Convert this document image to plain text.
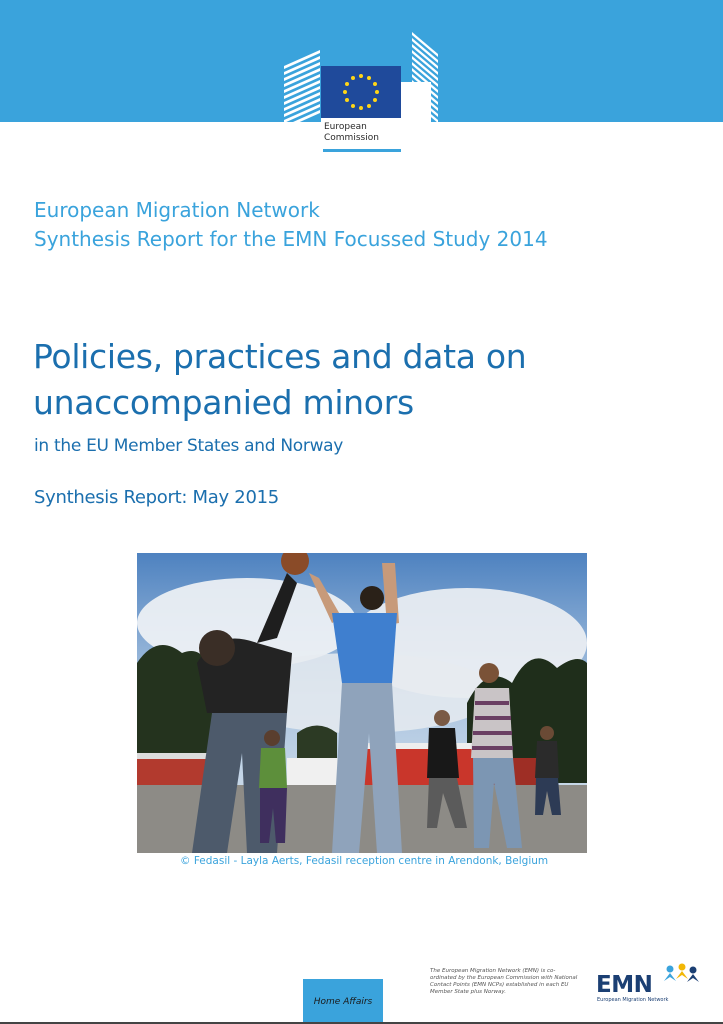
European
Commission
European Migration Network
Synthesis Report for the EMN Focussed Study 2014
Policies, practices and data on
unaccompanied minors
in the EU Member States and Norway
Synthesis Report: May 2015
© Fedasil - Layla Aerts, Fedasil reception centre in Arendonk, Belgium
Home Affairs
The European Migration Network (EMN) is co-ordinated by the European Commission with National Contact Points (EMN NCPs) established in each EU Member State plus Norway.	EMN
European Migration Network
